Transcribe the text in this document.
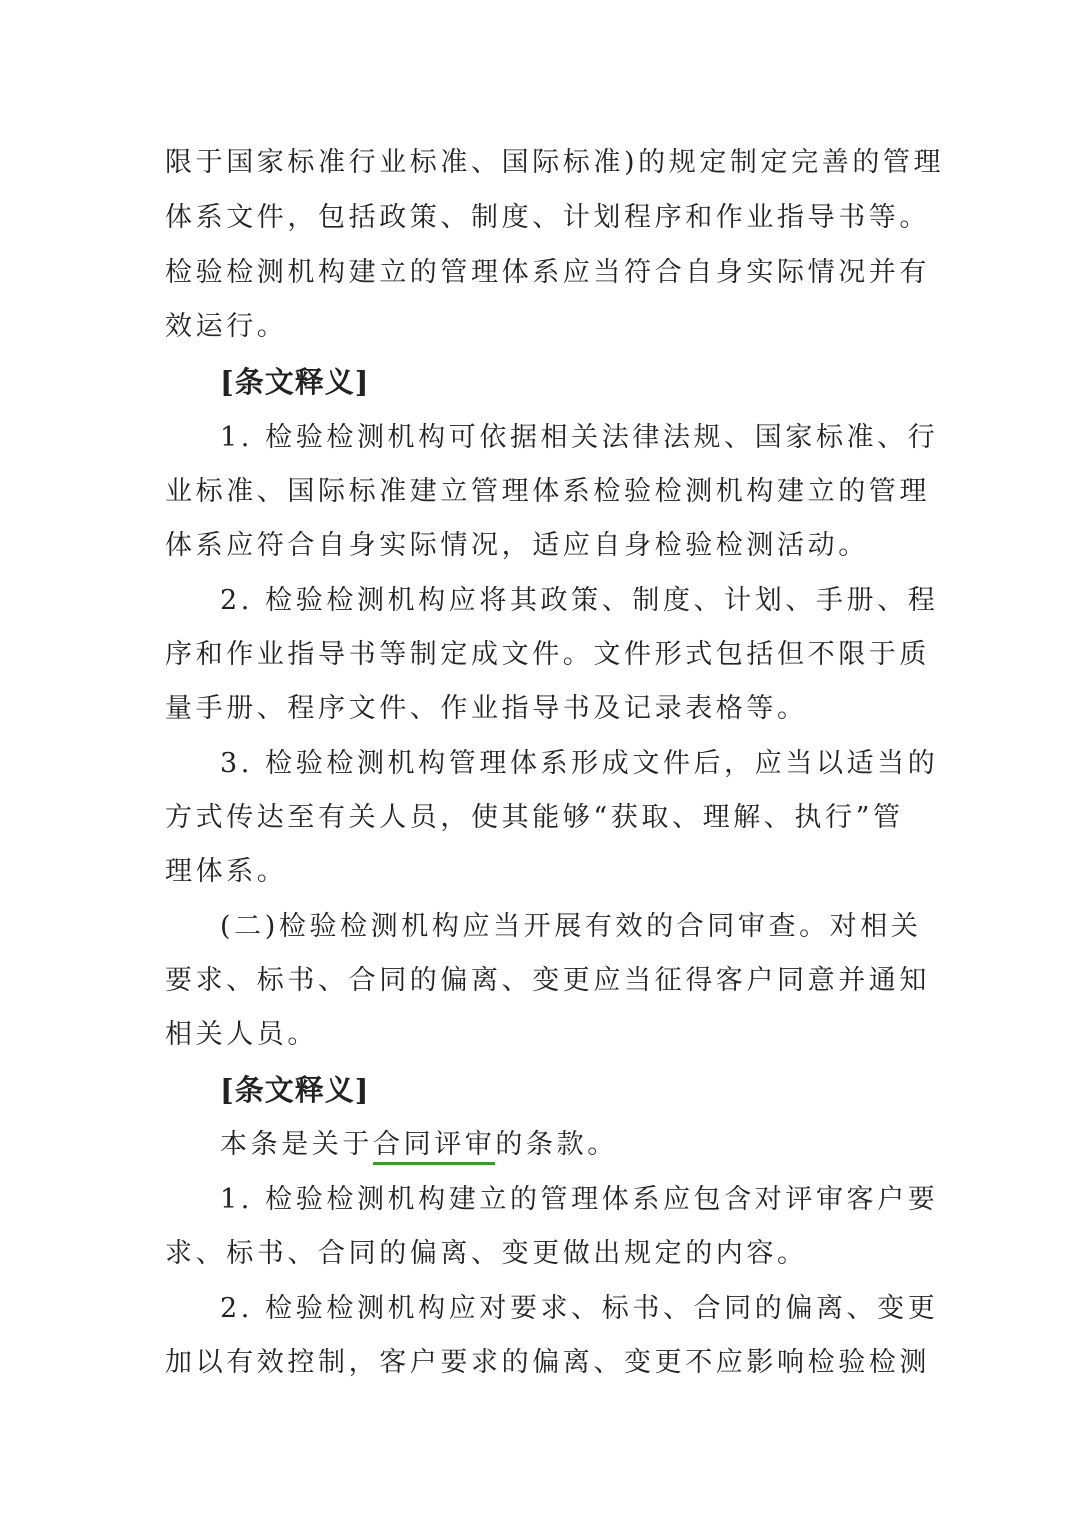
限于国家标准行业标准、国际标准)的规定制定完善的管理
体系文件，包括政策、制度、计划程序和作业指导书等。
检验检测机构建立的管理体系应当符合自身实际情况并有
效运行。
[条文释义]
1. 检验检测机构可依据相关法律法规、国家标准、行
业标准、国际标准建立管理体系检验检测机构建立的管理
体系应符合自身实际情况，适应自身检验检测活动。
2. 检验检测机构应将其政策、制度、计划、手册、程
序和作业指导书等制定成文件。文件形式包括但不限于质
量手册、程序文件、作业指导书及记录表格等。
3. 检验检测机构管理体系形成文件后，应当以适当的
方式传达至有关人员，使其能够“获取、理解、执行”管
理体系。
(二)检验检测机构应当开展有效的合同审查。对相关
要求、标书、合同的偏离、变更应当征得客户同意并通知
相关人员。
[条文释义]
本条是关于合同评审的条款。
1. 检验检测机构建立的管理体系应包含对评审客户要
求、标书、合同的偏离、变更做出规定的内容。
2. 检验检测机构应对要求、标书、合同的偏离、变更
加以有效控制，客户要求的偏离、变更不应影响检验检测
